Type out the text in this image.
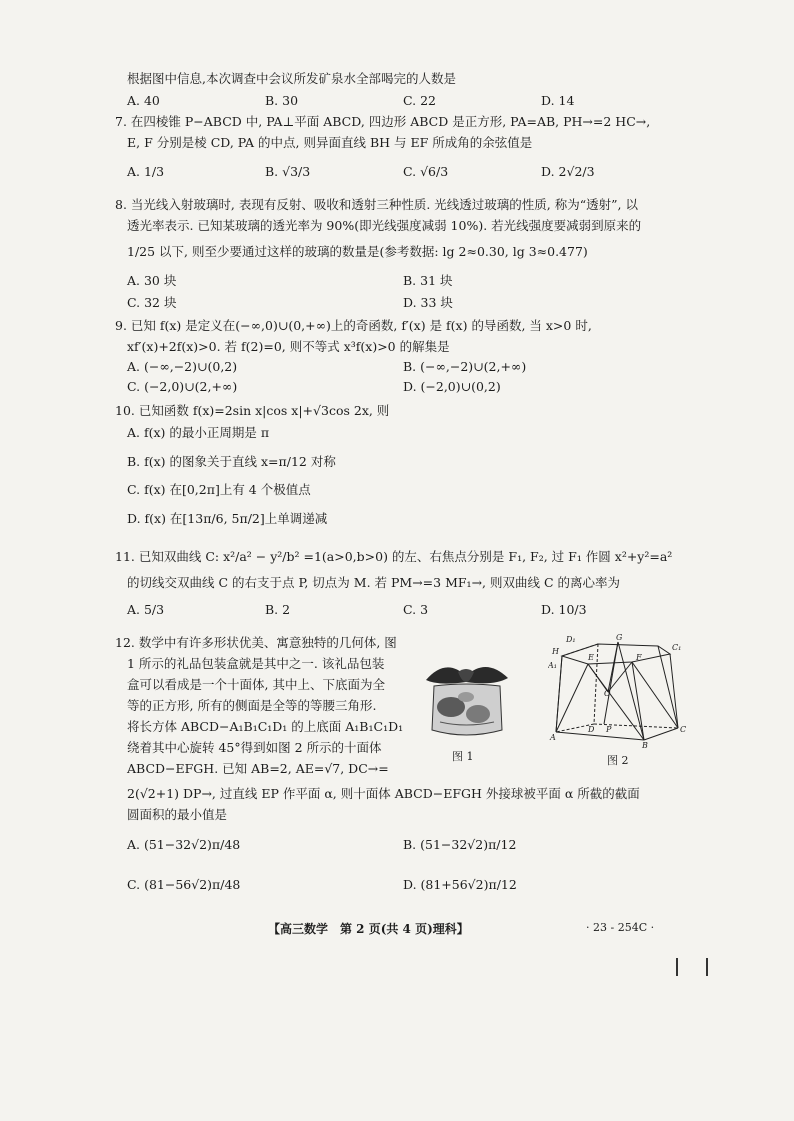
根据图中信息,本次调查中会议所发矿泉水全部喝完的人数是
A. 40	B. 30	C. 22	D. 14
7. 在四棱锥 P−ABCD 中, PA⊥平面 ABCD, 四边形 ABCD 是正方形, PA=AB, PH→=2 HC→,
E, F 分别是棱 CD, PA 的中点, 则异面直线 BH 与 EF 所成角的余弦值是
A. 1/3	B. √3/3	C. √6/3	D. 2√2/3
8. 当光线入射玻璃时, 表现有反射、吸收和透射三种性质. 光线透过玻璃的性质, 称为“透射”, 以
透光率表示. 已知某玻璃的透光率为 90%(即光线强度减弱 10%). 若光线强度要减弱到原来的
1/25 以下, 则至少要通过这样的玻璃的数量是(参考数据: lg 2≈0.30, lg 3≈0.477)
A. 30 块	B. 31 块
C. 32 块	D. 33 块
9. 已知 f(x) 是定义在(−∞,0)∪(0,+∞)上的奇函数, f′(x) 是 f(x) 的导函数, 当 x>0 时,
xf′(x)+2f(x)>0. 若 f(2)=0, 则不等式 x³f(x)>0 的解集是
A. (−∞,−2)∪(0,2)	B. (−∞,−2)∪(2,+∞)
C. (−2,0)∪(2,+∞)	D. (−2,0)∪(0,2)
10. 已知函数 f(x)=2sin x|cos x|+√3cos 2x, 则
A. f(x) 的最小正周期是 π
B. f(x) 的图象关于直线 x=π/12 对称
C. f(x) 在[0,2π]上有 4 个极值点
D. f(x) 在[13π/6, 5π/2]上单调递减
11. 已知双曲线 C: x²/a² − y²/b² =1(a>0,b>0) 的左、右焦点分别是 F₁, F₂, 过 F₁ 作圆 x²+y²=a²
的切线交双曲线 C 的右支于点 P, 切点为 M. 若 PM→=3 MF₁→, 则双曲线 C 的离心率为
A. 5/3	B. 2	C. 3	D. 10/3
12. 数学中有许多形状优美、寓意独特的几何体, 图
1 所示的礼品包装盒就是其中之一. 该礼品包装
盒可以看成是一个十面体, 其中上、下底面为全
等的正方形, 所有的侧面是全等的等腰三角形.
将长方体 ABCD−A₁B₁C₁D₁ 的上底面 A₁B₁C₁D₁
绕着其中心旋转 45°得到如图 2 所示的十面体
ABCD−EFGH. 已知 AB=2, AE=√7, DC→=
2(√2+1) DP→, 过直线 EP 作平面 α, 则十面体 ABCD−EFGH 外接球被平面 α 所截的截面
圆面积的最小值是
图 1
D₁	G
C₁
H
A₁
E	F
O
A
D P	C
B
图 2
A. (51−32√2)π/48	B. (51−32√2)π/12
C. (81−56√2)π/48	D. (81+56√2)π/12
【高三数学　第 2 页(共 4 页)理科】	· 23 - 254C ·
